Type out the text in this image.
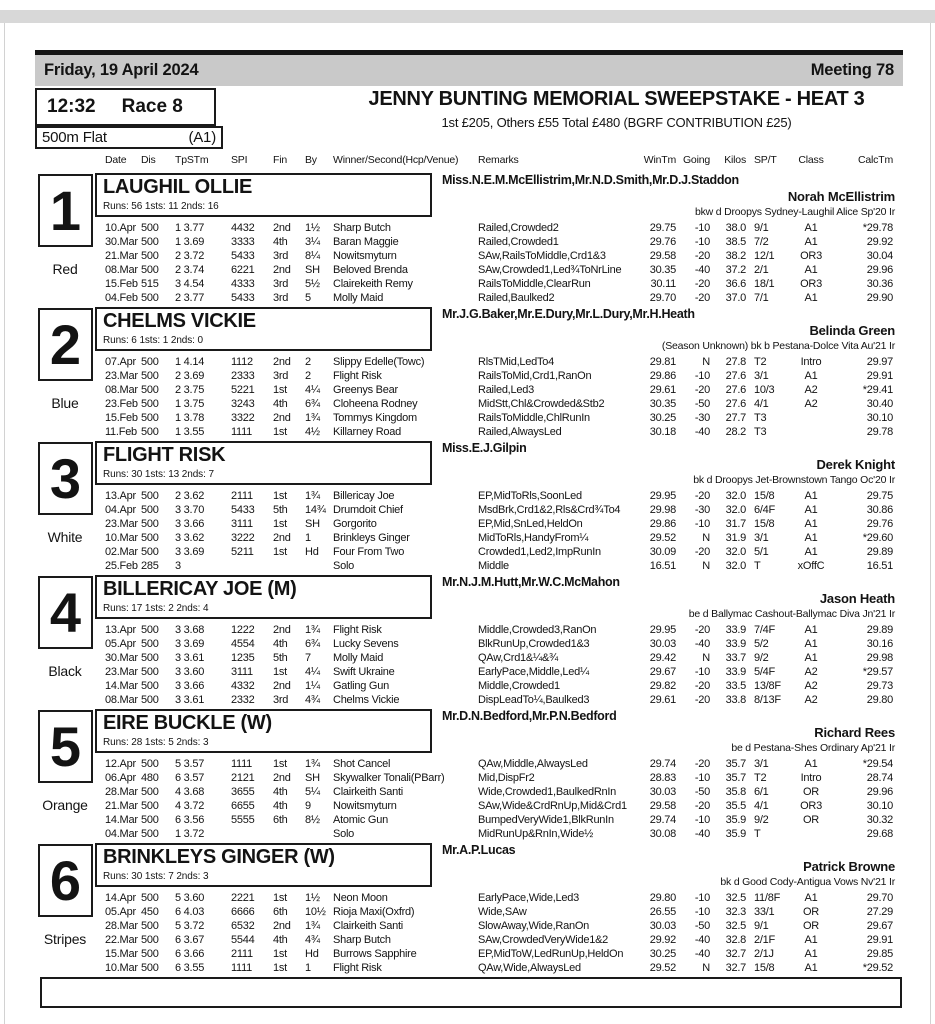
Friday, 19 April 2024	Meeting 78
12:32 Race 8
500m Flat	(A1)
JENNY BUNTING MEMORIAL SWEEPSTAKE - HEAT 3
1st £205, Others £55 Total £480 (BGRF CONTRIBUTION £25)
Date	Dis	TpSTm	SPI	Fin	By	Winner/Second(Hcp/Venue)	Remarks	WinTm	Going	Kilos	SP/T	Class	CalcTm
1
Red
LAUGHIL OLLIE
Runs: 56 1sts: 11 2nds: 16
Miss.N.E.M.McEllistrim,Mr.N.D.Smith,Mr.D.J.Staddon
Norah McEllistrim
bkw d Droopys Sydney-Laughil Alice Sp'20 Ir
10.Apr	500	1 3.77	4432	2nd	1½	Sharp Butch	Railed,Crowded2	29.75	-10	38.0	9/1	A1	*29.78
30.Mar	500	1 3.69	3333	4th	3¼	Baran Maggie	Railed,Crowded1	29.76	-10	38.5	7/2	A1	29.92
21.Mar	500	2 3.72	5433	3rd	8¼	Nowitsmyturn	SAw,RailsToMiddle,Crd1&3	29.58	-20	38.2	12/1	OR3	30.04
08.Mar	500	2 3.74	6221	2nd	SH	Beloved Brenda	SAw,Crowded1,Led¾ToNrLine	30.35	-40	37.2	2/1	A1	29.96
15.Feb	515	3 4.54	4333	3rd	5½	Clairekeith Remy	RailsToMiddle,ClearRun	30.11	-20	36.6	18/1	OR3	30.36
04.Feb	500	2 3.77	5433	3rd	5	Molly Maid	Railed,Baulked2	29.70	-20	37.0	7/1	A1	29.90
2
Blue
CHELMS VICKIE
Runs: 6 1sts: 1 2nds: 0
Mr.J.G.Baker,Mr.E.Dury,Mr.L.Dury,Mr.H.Heath
Belinda Green
(Season Unknown) bk b Pestana-Dolce Vita Au'21 Ir
07.Apr	500	1 4.14	1112	2nd	2	Slippy Edelle(Towc)	RlsTMid,LedTo4	29.81	N	27.8	T2	Intro	29.97
23.Mar	500	2 3.69	2333	3rd	2	Flight Risk	RailsToMid,Crd1,RanOn	29.86	-10	27.6	3/1	A1	29.91
08.Mar	500	2 3.75	5221	1st	4¼	Greenys Bear	Railed,Led3	29.61	-20	27.6	10/3	A2	*29.41
23.Feb	500	1 3.75	3243	4th	6¾	Cloheena Rodney	MidStt,Chl&Crowded&Stb2	30.35	-50	27.6	4/1	A2	30.40
15.Feb	500	1 3.78	3322	2nd	1¾	Tommys Kingdom	RailsToMiddle,ChlRunIn	30.25	-30	27.7	T3		30.10
11.Feb	500	1 3.55	1111	1st	4½	Killarney Road	Railed,AlwaysLed	30.18	-40	28.2	T3		29.78
3
White
FLIGHT RISK
Runs: 30 1sts: 13 2nds: 7
Miss.E.J.Gilpin
Derek Knight
bk d Droopys Jet-Brownstown Tango Oc'20 Ir
13.Apr	500	2 3.62	2111	1st	1¾	Billericay Joe	EP,MidToRls,SoonLed	29.95	-20	32.0	15/8	A1	29.75
04.Apr	500	3 3.70	5433	5th	14¾	Drumdoit Chief	MsdBrk,Crd1&2,Rls&Crd¾To4	29.98	-30	32.0	6/4F	A1	30.86
23.Mar	500	3 3.66	3111	1st	SH	Gorgorito	EP,Mid,SnLed,HeldOn	29.86	-10	31.7	15/8	A1	29.76
10.Mar	500	3 3.62	3222	2nd	1	Brinkleys Ginger	MidToRls,HandyFrom¼	29.52	N	31.9	3/1	A1	*29.60
02.Mar	500	3 3.69	5211	1st	Hd	Four From Two	Crowded1,Led2,ImpRunIn	30.09	-20	32.0	5/1	A1	29.89
25.Feb	285	3				Solo	Middle	16.51	N	32.0	T	xOffC	16.51
4
Black
BILLERICAY JOE (M)
Runs: 17 1sts: 2 2nds: 4
Mr.N.J.M.Hutt,Mr.W.C.McMahon
Jason Heath
be d Ballymac Cashout-Ballymac Diva Jn'21 Ir
13.Apr	500	3 3.68	1222	2nd	1¾	Flight Risk	Middle,Crowded3,RanOn	29.95	-20	33.9	7/4F	A1	29.89
05.Apr	500	3 3.69	4554	4th	6¾	Lucky Sevens	BlkRunUp,Crowded1&3	30.03	-40	33.9	5/2	A1	30.16
30.Mar	500	3 3.61	1235	5th	7	Molly Maid	QAw,Crd1&¼&¾	29.42	N	33.7	9/2	A1	29.98
23.Mar	500	3 3.60	3111	1st	4¼	Swift Ukraine	EarlyPace,Middle,Led¼	29.67	-10	33.9	5/4F	A2	*29.57
14.Mar	500	3 3.66	4332	2nd	1¼	Gatling Gun	Middle,Crowded1	29.82	-20	33.5	13/8F	A2	29.73
08.Mar	500	3 3.61	2332	3rd	4¾	Chelms Vickie	DispLeadTo¼,Baulked3	29.61	-20	33.8	8/13F	A2	29.80
5
Orange
EIRE BUCKLE (W)
Runs: 28 1sts: 5 2nds: 3
Mr.D.N.Bedford,Mr.P.N.Bedford
Richard Rees
be d Pestana-Shes Ordinary Ap'21 Ir
12.Apr	500	5 3.57	1111	1st	1¾	Shot Cancel	QAw,Middle,AlwaysLed	29.74	-20	35.7	3/1	A1	*29.54
06.Apr	480	6 3.57	2121	2nd	SH	Skywalker Tonali(PBarr)	Mid,DispFr2	28.83	-10	35.7	T2	Intro	28.74
28.Mar	500	4 3.68	3655	4th	5¼	Clairkeith Santi	Wide,Crowded1,BaulkedRnIn	30.03	-50	35.8	6/1	OR	29.96
21.Mar	500	4 3.72	6655	4th	9	Nowitsmyturn	SAw,Wide&CrdRnUp,Mid&Crd1	29.58	-20	35.5	4/1	OR3	30.10
14.Mar	500	6 3.56	5555	6th	8½	Atomic Gun	BumpedVeryWide1,BlkRunIn	29.74	-10	35.9	9/2	OR	30.32
04.Mar	500	1 3.72				Solo	MidRunUp&RnIn,Wide½	30.08	-40	35.9	T		29.68
6
Stripes
BRINKLEYS GINGER (W)
Runs: 30 1sts: 7 2nds: 3
Mr.A.P.Lucas
Patrick Browne
bk d Good Cody-Antigua Vows Nv'21 Ir
14.Apr	500	5 3.60	2221	1st	1½	Neon Moon	EarlyPace,Wide,Led3	29.80	-10	32.5	11/8F	A1	29.70
05.Apr	450	6 4.03	6666	6th	10½	Rioja Maxi(Oxfrd)	Wide,SAw	26.55	-10	32.3	33/1	OR	27.29
28.Mar	500	5 3.72	6532	2nd	1¾	Clairkeith Santi	SlowAway,Wide,RanOn	30.03	-50	32.5	9/1	OR	29.67
22.Mar	500	6 3.67	5544	4th	4¾	Sharp Butch	SAw,CrowdedVeryWide1&2	29.92	-40	32.8	2/1F	A1	29.91
15.Mar	500	6 3.66	2111	1st	Hd	Burrows Sapphire	EP,MidToW,LedRunUp,HeldOn	30.25	-40	32.7	2/1J	A1	29.85
10.Mar	500	6 3.55	1111	1st	1	Flight Risk	QAw,Wide,AlwaysLed	29.52	N	32.7	15/8	A1	*29.52
